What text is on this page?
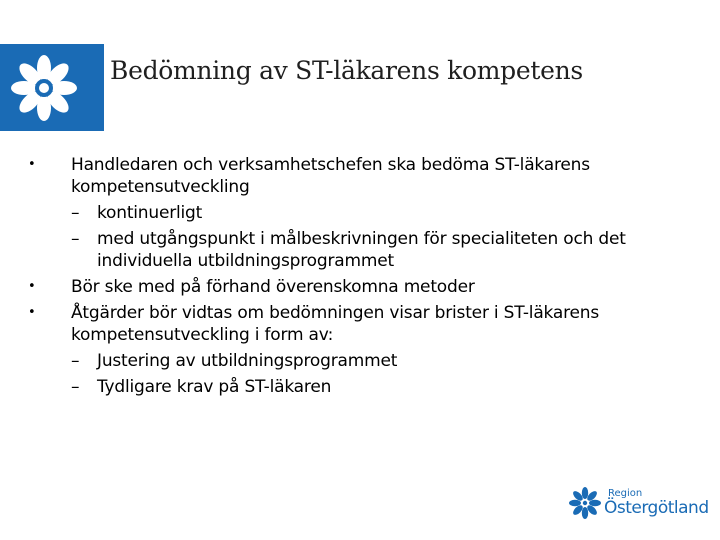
Bedömning av ST-läkarens kompetens
• Handledaren och verksamhetschefen ska bedöma ST-läkarens kompetensutveckling
– kontinuerligt
– med utgångspunkt i målbeskrivningen för specialiteten och det individuella utbildningsprogrammet
• Bör ske med på förhand överenskomna metoder
• Åtgärder bör vidtas om bedömningen visar brister i ST-läkarens kompetensutveckling i form av:
– Justering av utbildningsprogrammet
– Tydligare krav på ST-läkaren
Region
Östergötland
